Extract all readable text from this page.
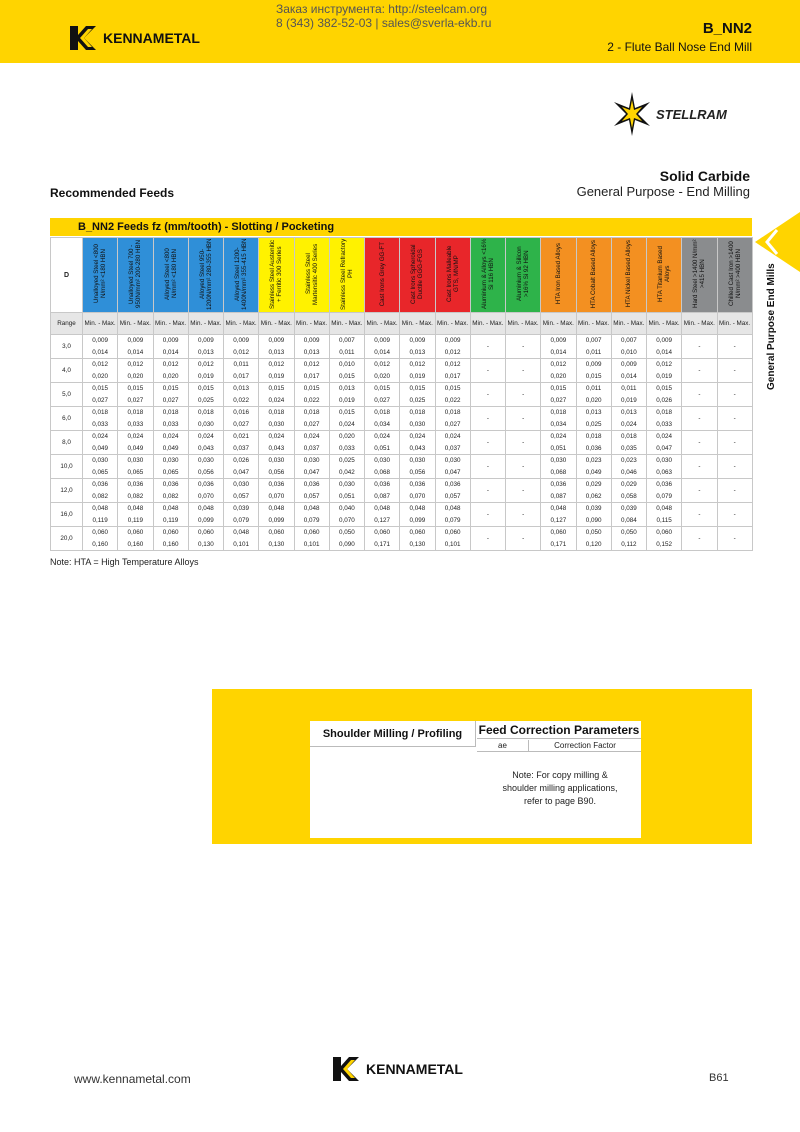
Заказ инструмента: http://steelcam.org
8 (343) 382-52-03 | sales@sverla-ekb.ru
KENNAMETAL
B_NN2
2 - Flute Ball Nose End Mill
STELLRAM
Solid Carbide
General Purpose - End Milling
Recommended Feeds
General Purpose End Mills
B_NN2 Feeds fz (mm/tooth) - Slotting / Pocketing
D	Unalloyed Steel <800 N/mm² <180 HBN	Unalloyed Steel 700 - 950N/mm² 200-280 HBN	Alloyed Steel <800 N/mm² <180 HBN	Alloyed Steel 950-1200N/mm² 280-355 HBN	Alloyed Steel 1200-1400N/mm² 355-415 HBN	Stainless Steel Austenitic + Ferritic 300 Series	Stainless Steel Martensitic 400 Series	Stainless Steel Refractory PH	Cast Irons Grey GG-FT	Cast Irons Spheroidal Ductile GGG-FGS	Cast Irons Malleable GTS, MN/MP	Aluminium & Alloys <16% Si 116 HBN	Aluminium & Silicon >16% Si 92 HBN	HTA Iron Based Alloys	HTA Cobalt Based Alloys	HTA Nickel Based Alloys	HTA Titanium Based Alloys	Hard Steel >1400 N/mm² >415 HBN	Chilled Cast Iron >1400 N/mm² >400 HBN
Range	Min. - Max.	Min. - Max.	Min. - Max.	Min. - Max.	Min. - Max.	Min. - Max.	Min. - Max.	Min. - Max.	Min. - Max.	Min. - Max.	Min. - Max.	Min. - Max.	Min. - Max.	Min. - Max.	Min. - Max.	Min. - Max.	Min. - Max.	Min. - Max.	Min. - Max.
3,0	0,009	0,009	0,009	0,009	0,009	0,009	0,009	0,007	0,009	0,009	0,009	-	-	0,009	0,007	0,007	0,009	-	-
	0,014	0,014	0,014	0,013	0,012	0,013	0,013	0,011	0,014	0,013	0,012			0,014	0,011	0,010	0,014		
4,0	0,012	0,012	0,012	0,012	0,011	0,012	0,012	0,010	0,012	0,012	0,012	-	-	0,012	0,009	0,009	0,012	-	-
	0,020	0,020	0,020	0,019	0,017	0,019	0,017	0,015	0,020	0,019	0,017			0,020	0,015	0,014	0,019		
5,0	0,015	0,015	0,015	0,015	0,013	0,015	0,015	0,013	0,015	0,015	0,015	-	-	0,015	0,011	0,011	0,015	-	-
	0,027	0,027	0,027	0,025	0,022	0,024	0,022	0,019	0,027	0,025	0,022			0,027	0,020	0,019	0,026		
6,0	0,018	0,018	0,018	0,018	0,016	0,018	0,018	0,015	0,018	0,018	0,018	-	-	0,018	0,013	0,013	0,018	-	-
	0,033	0,033	0,033	0,030	0,027	0,030	0,027	0,024	0,034	0,030	0,027			0,034	0,025	0,024	0,033		
8,0	0,024	0,024	0,024	0,024	0,021	0,024	0,024	0,020	0,024	0,024	0,024	-	-	0,024	0,018	0,018	0,024	-	-
	0,049	0,049	0,049	0,043	0,037	0,043	0,037	0,033	0,051	0,043	0,037			0,051	0,036	0,035	0,047		
10,0	0,030	0,030	0,030	0,030	0,026	0,030	0,030	0,025	0,030	0,030	0,030	-	-	0,030	0,023	0,023	0,030	-	-
	0,065	0,065	0,065	0,056	0,047	0,056	0,047	0,042	0,068	0,056	0,047			0,068	0,049	0,046	0,063		
12,0	0,036	0,036	0,036	0,036	0,030	0,036	0,036	0,030	0,036	0,036	0,036	-	-	0,036	0,029	0,029	0,036	-	-
	0,082	0,082	0,082	0,070	0,057	0,070	0,057	0,051	0,087	0,070	0,057			0,087	0,062	0,058	0,079		
16,0	0,048	0,048	0,048	0,048	0,039	0,048	0,048	0,040	0,048	0,048	0,048	-	-	0,048	0,039	0,039	0,048	-	-
	0,119	0,119	0,119	0,099	0,079	0,099	0,079	0,070	0,127	0,099	0,079			0,127	0,090	0,084	0,115		
20,0	0,060	0,060	0,060	0,060	0,048	0,060	0,060	0,050	0,060	0,060	0,060	-	-	0,060	0,050	0,050	0,060	-	-
	0,160	0,160	0,160	0,130	0,101	0,130	0,101	0,090	0,171	0,130	0,101			0,171	0,120	0,112	0,152		
Note: HTA = High Temperature Alloys
Shoulder Milling / Profiling	Feed Correction Parameters
ae	Correction Factor
Note: For copy milling &
shoulder milling applications,
refer to page B90.
www.kennametal.com
KENNAMETAL
B61
